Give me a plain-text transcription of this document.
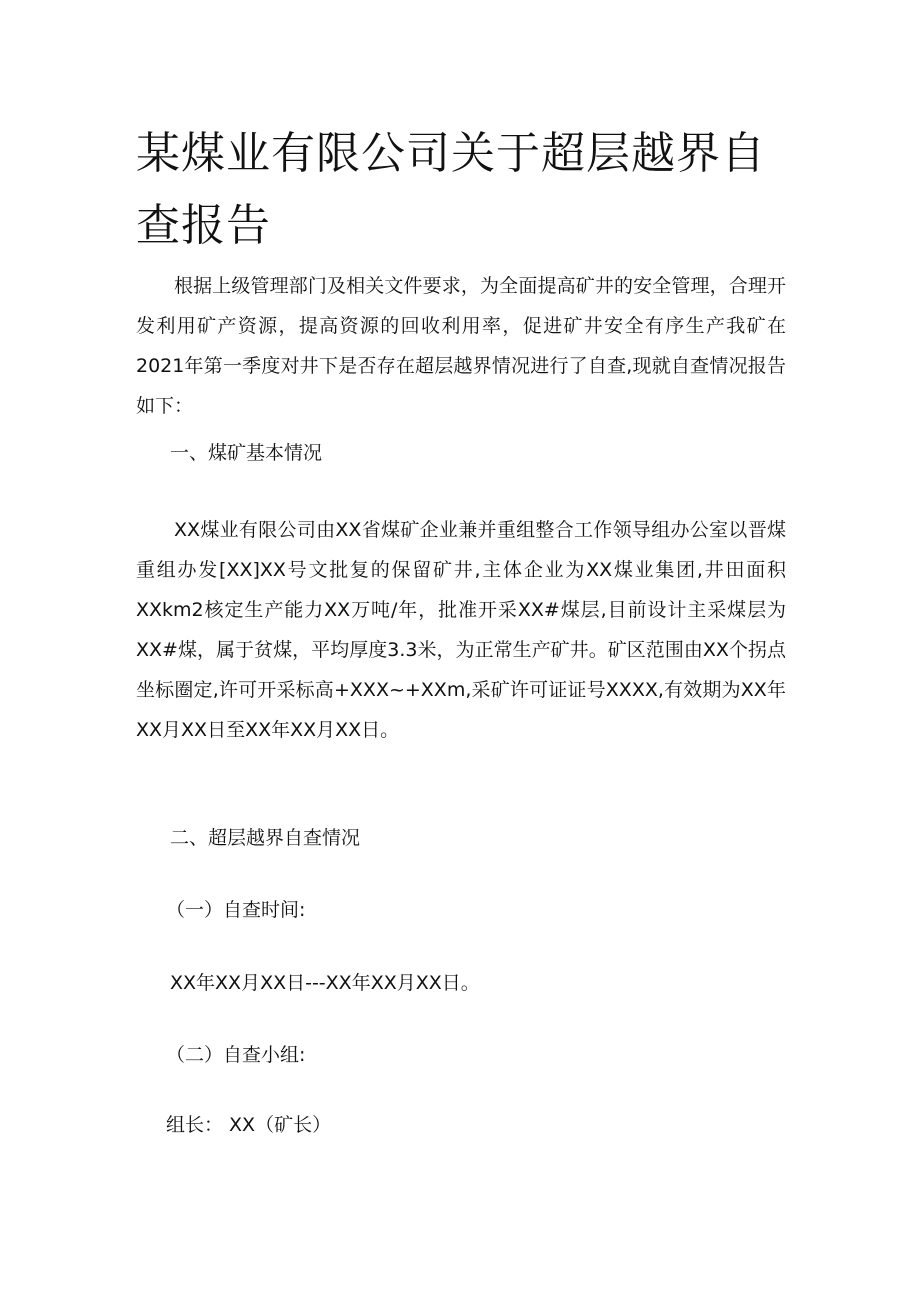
某煤业有限公司关于超层越界自查报告

根据上级管理部门及相关文件要求，为全面提高矿井的安全管理，合理开发利用矿产资源，提高资源的回收利用率，促进矿井安全有序生产我矿在2021年第一季度对井下是否存在超层越界情况进行了自查,现就自查情况报告如下：

一、煤矿基本情况

XX煤业有限公司由XX省煤矿企业兼并重组整合工作领导组办公室以晋煤重组办发[XX]XX号文批复的保留矿井,主体企业为XX煤业集团,井田面积XXkm2核定生产能力XX万吨/年，批准开采XX#煤层,目前设计主采煤层为XX#煤，属于贫煤，平均厚度3.3米，为正常生产矿井。矿区范围由XX个拐点坐标圈定,许可开采标高+XXX~+XXm,采矿许可证证号XXXX,有效期为XX年XX月XX日至XX年XX月XX日。

二、超层越界自查情况

（一）自查时间:

XX年XX月XX日---XX年XX月XX日。

（二）自查小组:

组长： XX（矿长）
